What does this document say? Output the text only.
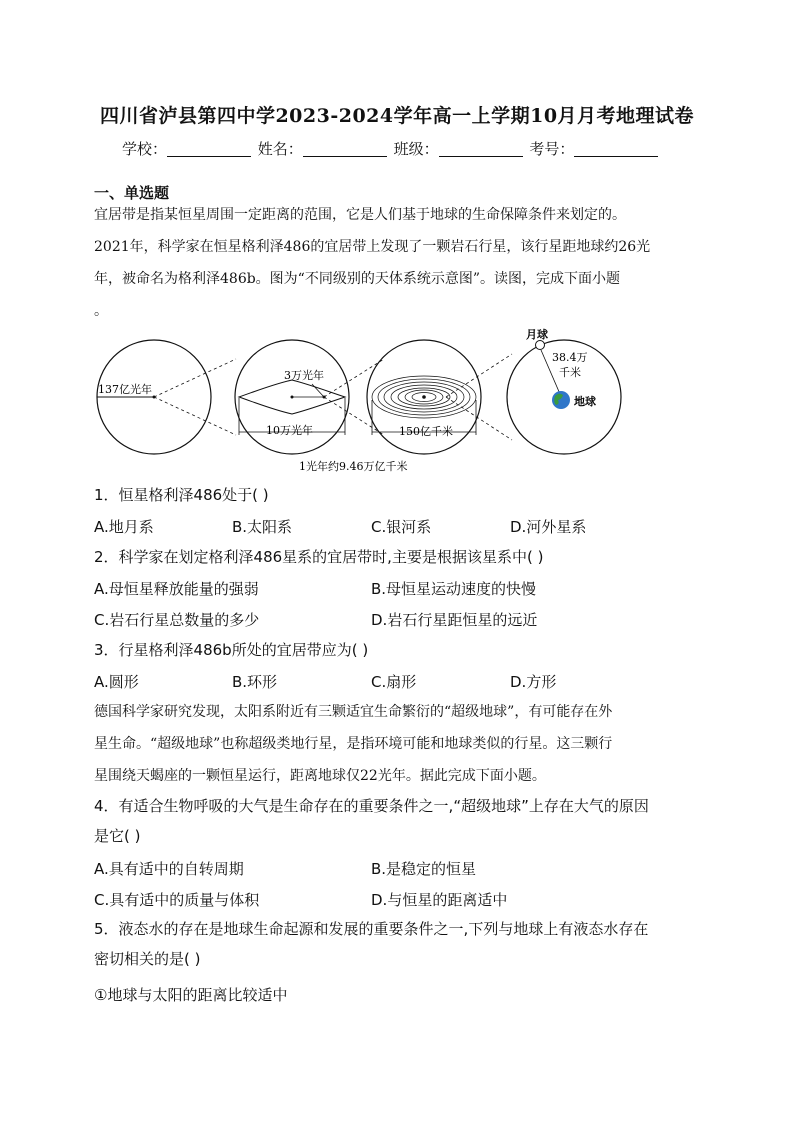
四川省泸县第四中学2023-2024学年高一上学期10月月考地理试卷
学校：	姓名：	班级：	考号：
一、单选题
宜居带是指某恒星周围一定距离的范围，它是人们基于地球的生命保障条件来划定的。
2021年，科学家在恒星格利泽486的宜居带上发现了一颗岩石行星，该行星距地球约26光
年，被命名为格利泽486b。图为“不同级别的天体系统示意图”。读图，完成下面小题
。
137亿光年
3万光年
10万光年	150亿千米
月球
38.4万
千米
地球
1光年约9.46万亿千米
1．恒星格利泽486处于( )
A.地月系	B.太阳系	C.银河系	D.河外星系
2．科学家在划定格利泽486星系的宜居带时,主要是根据该星系中( )
A.母恒星释放能量的强弱	B.母恒星运动速度的快慢
C.岩石行星总数量的多少	D.岩石行星距恒星的远近
3．行星格利泽486b所处的宜居带应为( )
A.圆形	B.环形	C.扇形	D.方形
德国科学家研究发现，太阳系附近有三颗适宜生命繁衍的“超级地球”，有可能存在外
星生命。“超级地球”也称超级类地行星，是指环境可能和地球类似的行星。这三颗行
星围绕天蝎座的一颗恒星运行，距离地球仅22光年。据此完成下面小题。
4．有适合生物呼吸的大气是生命存在的重要条件之一,“超级地球”上存在大气的原因
是它( )
A.具有适中的自转周期	B.是稳定的恒星
C.具有适中的质量与体积	D.与恒星的距离适中
5．液态水的存在是地球生命起源和发展的重要条件之一,下列与地球上有液态水存在
密切相关的是( )
①地球与太阳的距离比较适中
